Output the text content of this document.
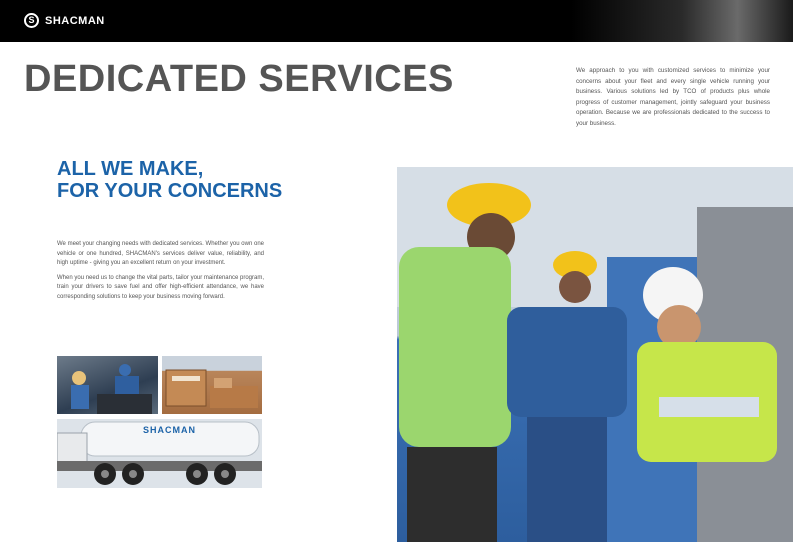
S SHACMAN
DEDICATED SERVICES	We approach to you with customized services to minimize your concerns about your fleet and every single vehicle running your business. Various solutions led by TCO of products plus whole progress of customer management, jointly safeguard your business operation. Because we are professionals dedicated to the success to your business.
ALL WE MAKE,
FOR YOUR CONCERNS

We meet your changing needs with dedicated services. Whether you own one vehicle or one hundred, SHACMAN's services deliver value, reliability, and high uptime - giving you an excellent return on your investment.

When you need us to change the vital parts, tailor your maintenance program, train your drivers to save fuel and offer high-efficient attendance, we have corresponding solutions to keep your business moving forward.

SHACMAN
